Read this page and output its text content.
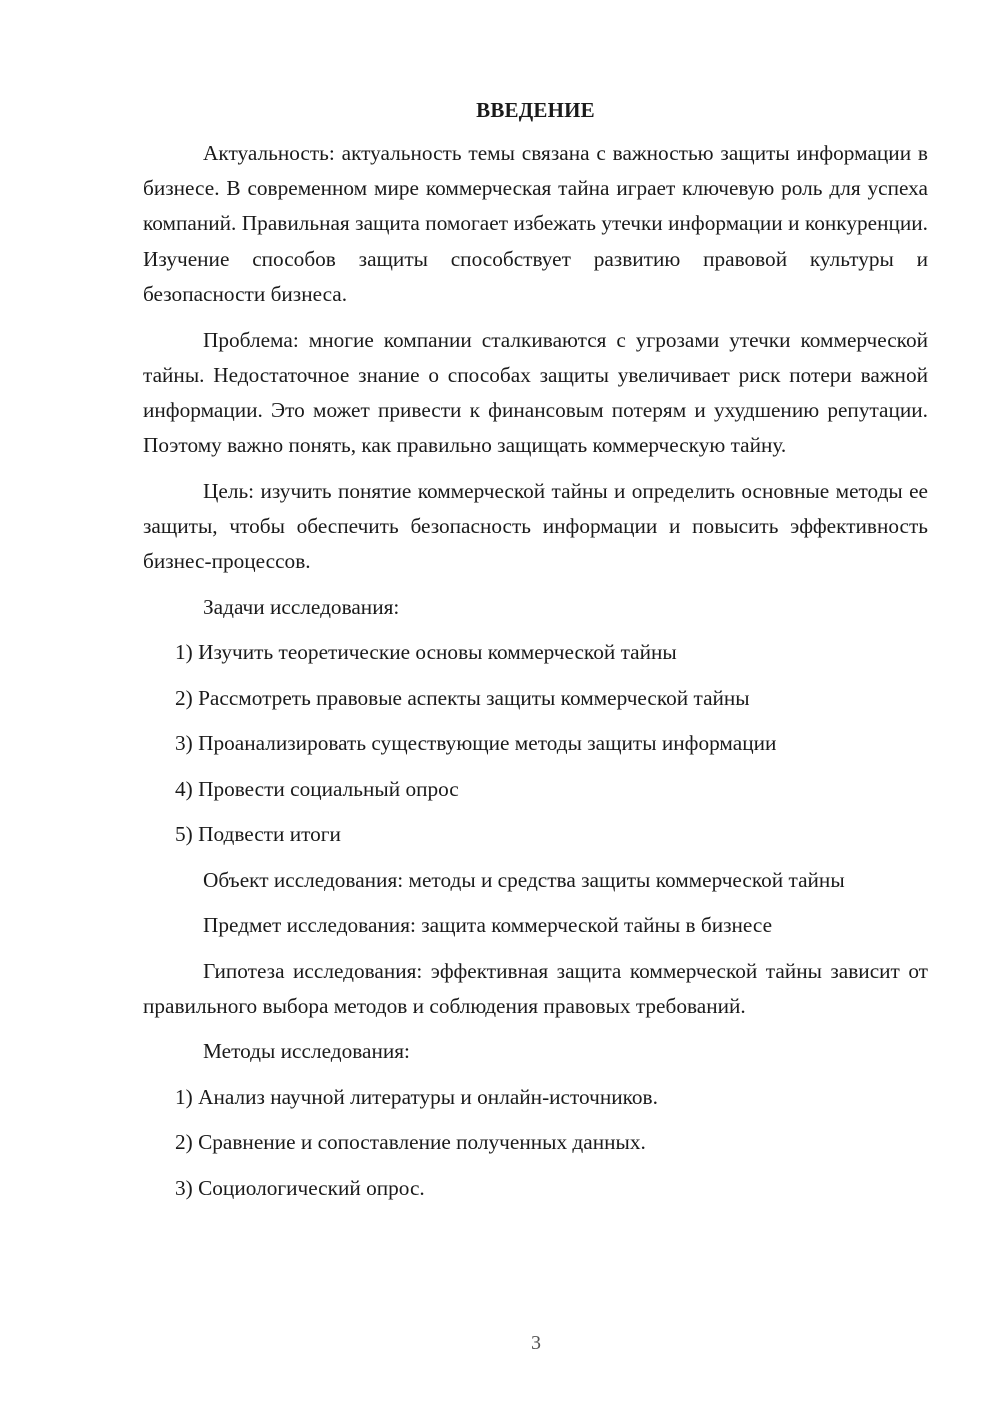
ВВЕДЕНИЕ

Актуальность: актуальность темы связана с важностью защиты информации в бизнесе. В современном мире коммерческая тайна играет ключевую роль для успеха компаний. Правильная защита помогает избежать утечки информации и конкуренции. Изучение способов защиты способствует развитию правовой культуры и безопасности бизнеса.

Проблема: многие компании сталкиваются с угрозами утечки коммерческой тайны. Недостаточное знание о способах защиты увеличивает риск потери важной информации. Это может привести к финансовым потерям и ухудшению репутации. Поэтому важно понять, как правильно защищать коммерческую тайну.

Цель: изучить понятие коммерческой тайны и определить основные методы ее защиты, чтобы обеспечить безопасность информации и повысить эффективность бизнес-процессов.

Задачи исследования:
1) Изучить теоретические основы коммерческой тайны
2) Рассмотреть правовые аспекты защиты коммерческой тайны
3) Проанализировать существующие методы защиты информации
4) Провести социальный опрос
5) Подвести итоги

Объект исследования: методы и средства защиты коммерческой тайны

Предмет исследования: защита коммерческой тайны в бизнесе

Гипотеза исследования: эффективная защита коммерческой тайны зависит от правильного выбора методов и соблюдения правовых требований.

Методы исследования:
1) Анализ научной литературы и онлайн-источников.
2) Сравнение и сопоставление полученных данных.
3) Социологический опрос.
3
